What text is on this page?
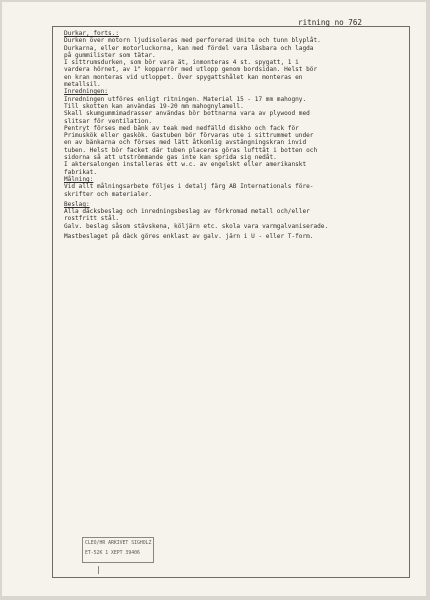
ritning no 762
Durkar, forts.:
Durken över motorn ljudisoleras med perforerad Unite och tunn blyplåt.
Durkarna, eller motorluckorna, kan med fördel vara låsbara och lagda
på gummilister som tätar.
I sittrumsdurken, som bör vara ät, inmonteras 4 st. spygatt, 1 i
vardera hörnet, av 1" kopparrör med utlopp genom bordsidan. Helst bör
en kran monteras vid utloppet. Över spygattshålet kan monteras en
metallsil.
Inredningen:
Inredningen utföres enligt ritningen. Material 15 - 17 mm mahogny.
Till skotten kan användas 19-20 mm mahognylamell.
Skall skumgummimadrasser användas bör bottnarna vara av plywood med
slitsar för ventilation.
Pentryt förses med bänk av teak med nedfälld diskho och fack för
Primuskök eller gaskök. Gastuben bör förvaras ute i sittrummet under
en av bänkarna och förses med lätt åtkomlig avstängningskran invid
tuben. Helst bör facket där tuben placeras göras lufttät i botten och
sidorna så att utströmmande gas inte kan sprida sig nedåt.
I aktersalongen installeras ett w.c. av engelskt eller amerikanskt
fabrikat.
Målning:
Vid allt målningsarbete följes i detalj färg AB Internationals före-
skrifter och materialer.
Beslag:
Alla däcksbeslag och inredningsbeslag av förkromad metall och/eller
rostfritt stål.
Galv. beslag såsom stävskena, köljärn etc. skola vara varmgalvaniserade.
Mastbeslaget på däck göres enklast av galv. järn i U - eller T-form.
CLEO/HR ARKIVET SIGHOLZ
ET-52K 1 XEPT 39406
